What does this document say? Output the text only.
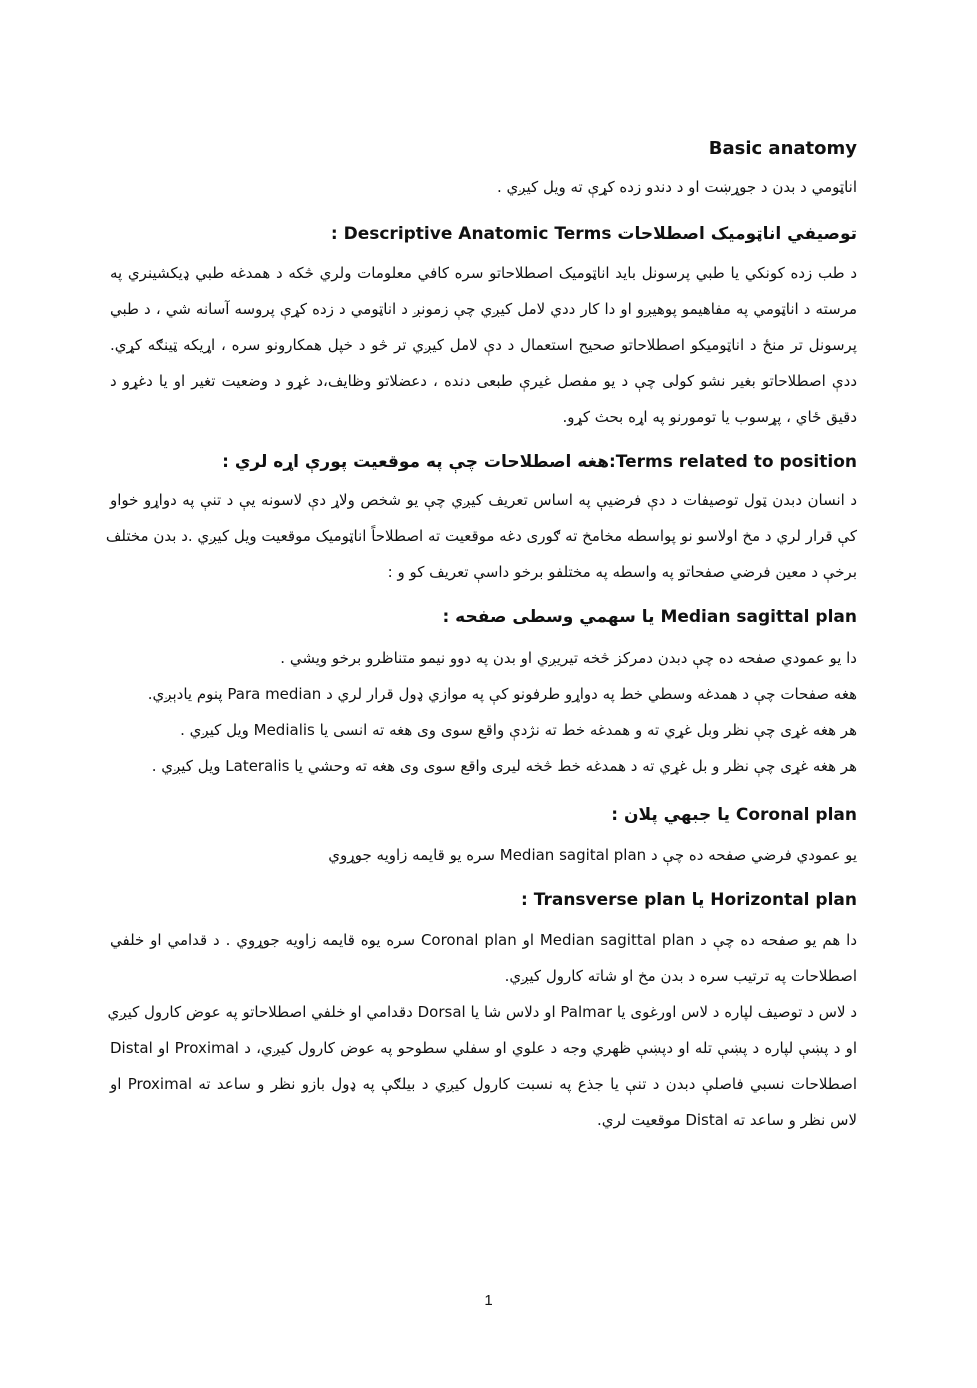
Basic anatomy
اناټومي د بدن د جوړښت او د دندو زده کړې ته ويل کيږي .
توصيفي اناټوميک اصطلاحات Descriptive Anatomic Terms :
د طب زده کونکي يا طبي پرسونل بايد اناټوميک اصطلاحاتو سره کافي معلومات ولري څکه د همدغه طبي ډيکشينري په
مرسته د اناټومي په مفاهيمو پوهيږو او دا کار ددي لامل کيږي چې زمونږ د اناټومي د زده کړې پروسه آسانه شي ، د طبي
پرسونل تر منځ د اناټوميکو اصطلاحاتو صحيح استعمال د دې لامل کيږي تر څو د خپل همکارونو سره ، اړيکه ټينګه کړي.
ددې اصطلاحاتو بغير نشو کولی چې د يو مفصل غيرې طبعی دنده ، دعضلاتو وظايف،د غړو د وضعيت تغير او يا دغړو د
دقيق ځاي ، پړسوب يا تومورنو په اړه بحث کړو.
Terms related to position:هغه اصطلاحات چې په موقعيت پورې اړه لري :
د انسان دبدن ټول توصيفات د دې فرضيې په اساس تعريف کيږي چې يو شخص ولاړ دې لاسونه يې د تنې په دواړو خواو
کې قرار لري د مخ اولاسو نو پواسطه مخامخ ته ګوری دغه موقعيت ته اصطلاحاً اناټوميک موقعيت ويل کيږي .د بدن مختلف
برخې د معين فرضي صفحاتو په واسطه په مختلفو برخو داسې تعريف کو و :
Median sagittal plan يا سهمي وسطی صفحه :
دا يو عمودي صفحه ده چې دبدن دمرکز څخه تيريږي او بدن په دوو نيمو متناظرو برخو ويشي .
هغه صفحات چې د همدغه وسطي خط په دواړو طرفونو کې په موازي ډول قرار لري د Para median پنوم يادېږي.
هر هغه غړی چې نظر وبل غړي ته و همدغه خط ته نژدې واقع سوی وی هغه ته انسی يا Medialis ويل کيږي .
هر هغه غړی چې نظر و بل غړي ته د همدغه خط څخه ليری واقع سوی وی هغه ته وحشي يا Lateralis ويل کيږي .
Coronal plan يا جبهي پلان :
يو عمودي فرضي صفحه ده چې د Median sagital plan سره يو قايمه زاويه جوړوي
Horizontal plan يا Transverse plan :
دا هم يو صفحه ده چې د Median sagittal plan او Coronal plan سره يوه قايمه زاويه جوړوي . د قدامي او خلفي
اصطلاحات په ترتيب سره د بدن مخ او شاته کارول کيږي.
د لاس د توصيف لپاره د لاس اورغوی يا Palmar او دلاس شا يا Dorsal دقدامي او خلفي اصطلاحاتو په عوض کارول کيږي
او د پښې لپاره د پښې تله او دپښې ظهري وجه د علوي او سفلي سطوحو په عوض کارول کيږي، د Proximal او Distal
اصطلاحات نسبي فاصلې دبدن د تنې يا جذع په نسبت کارول کيږي د بيلګې په ډول بازو نظر و ساعد ته Proximal او
لاس نظر و ساعد ته Distal موقعيت لري.
1
